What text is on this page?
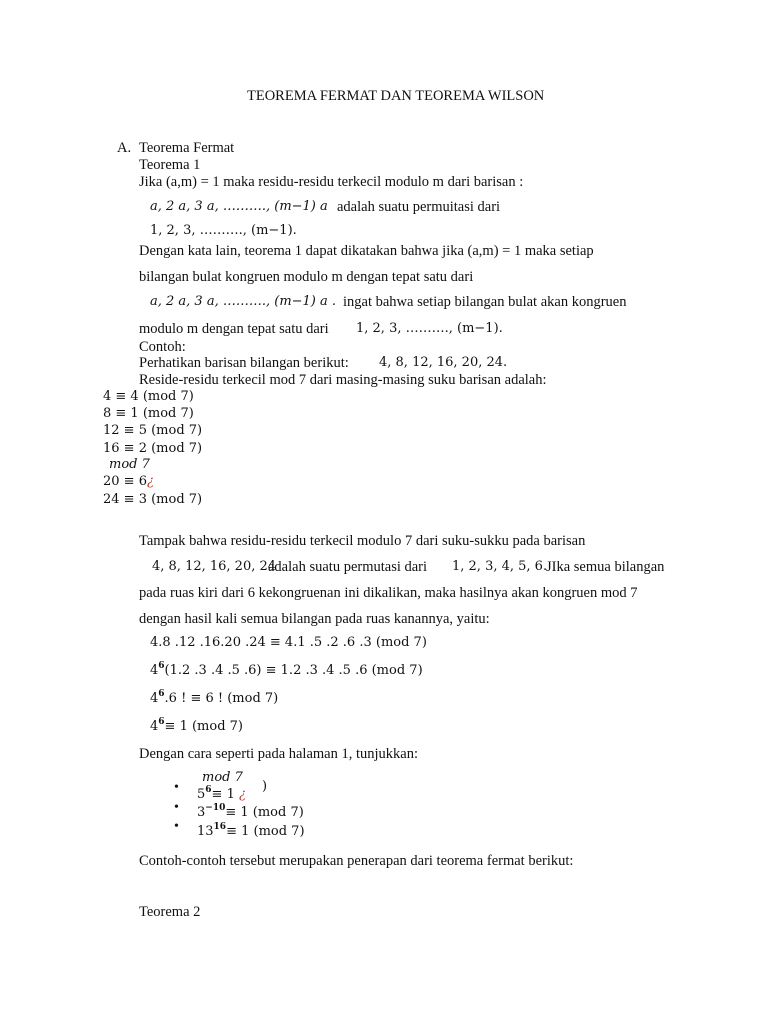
TEOREMA FERMAT DAN TEOREMA WILSON
A. Teorema Fermat
Teorema 1
Jika (a,m) = 1 maka residu-residu terkecil modulo m dari barisan :
a, 2 a, 3 a, ………., (m−1) a adalah suatu permuitasi dari
1, 2, 3, ………., (m−1).
Dengan kata lain, teorema 1 dapat dikatakan bahwa jika (a,m) = 1 maka setiap
bilangan bulat kongruen modulo m dengan tepat satu dari
a, 2 a, 3 a, ………., (m−1) a . ingat bahwa setiap bilangan bulat akan kongruen
modulo m dengan tepat satu dari 1, 2, 3, ………., (m−1).
Contoh:
Perhatikan barisan bilangan berikut: 4, 8, 12, 16, 20, 24.
Reside-residu terkecil mod 7 dari masing-masing suku barisan adalah:
4 ≡ 4 (mod 7)
8 ≡ 1 (mod 7)
12 ≡ 5 (mod 7)
16 ≡ 2 (mod 7)
mod 7
20 ≡ 6¿
24 ≡ 3 (mod 7)
Tampak bahwa residu-residu terkecil modulo 7 dari suku-sukku pada barisan
4, 8, 12, 16, 20, 24
adalah suatu permutasi dari 1, 2, 3, 4, 5, 6.
JIka semua bilangan
pada ruas kiri dari 6 kekongruenan ini dikalikan, maka hasilnya akan kongruen mod 7
dengan hasil kali semua bilangan pada ruas kanannya, yaitu:
4.8 .12 .16.20 .24 ≡ 4.1 .5 .2 .6 .3 (mod 7)
$4^6(1.2$ .3 .4 .5 .6) ≡ 1.2 .3 .4 .5 .6 (mod 7)
$4^6.6$ ! ≡ 6 ! (mod 7)
$4^6\equiv 1$ (mod 7)
Dengan cara seperti pada halaman 1, tunjukkan:
mod 7
• $5^6\equiv 1$ ¿
)
• $3^{-10}\equiv 1$ (mod 7)
• $13^{16}\equiv 1$ (mod 7)
Contoh-contoh tersebut merupakan penerapan dari teorema fermat berikut:
Teorema 2
